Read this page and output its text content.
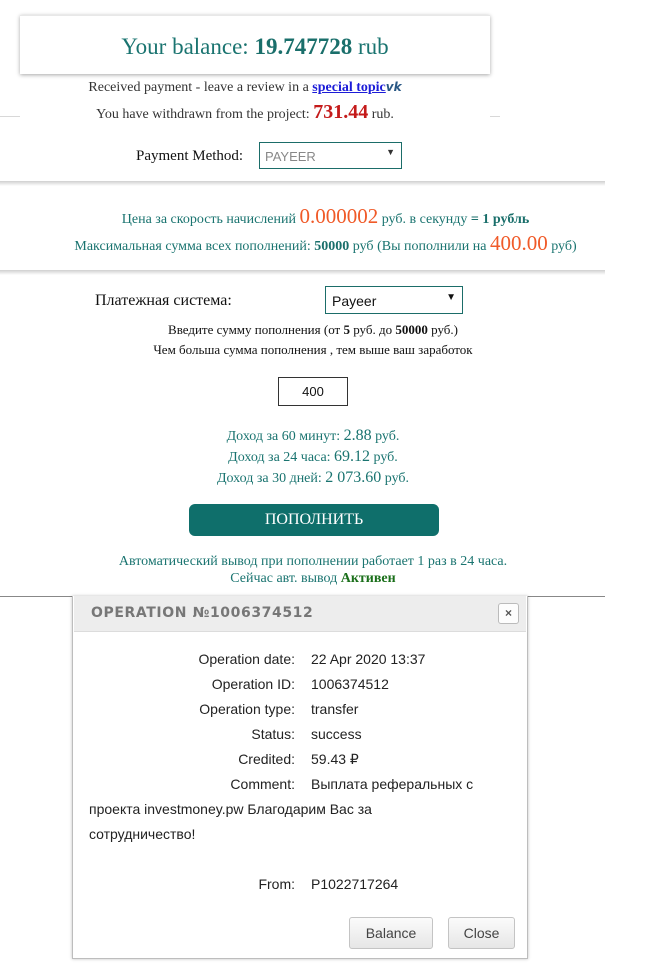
Your balance: 19.747728 rub
Received payment - leave a review in a special topicvk
You have withdrawn from the project: 731.44 rub.
Payment Method:	PAYEER	▼
Цена за скорость начислений 0.000002 руб. в секунду = 1 рубль
Максимальная сумма всех пополнений: 50000 руб (Вы пополнили на 400.00 руб)
Платежная система:	Payeer	▼
Введите сумму пополнения (от 5 руб. до 50000 руб.)
Чем больша сумма пополнения , тем выше ваш заработок
400
Доход за 60 минут: 2.88 руб.
Доход за 24 часа: 69.12 руб.
Доход за 30 дней: 2 073.60 руб.
ПОПОЛНИТЬ
Автоматический вывод при пополнении работает 1 раз в 24 часа.
Сейчас авт. вывод Активен
OPERATION №1006374512	×
Operation date: 22 Apr 2020 13:37
Operation ID: 1006374512
Operation type: transfer
Status: success
Credited: 59.43 ₽
Comment: Выплата реферальных с
проекта investmoney.pw Благодарим Вас за
сотрудничество!
From: P1022717264
Balance	Close
